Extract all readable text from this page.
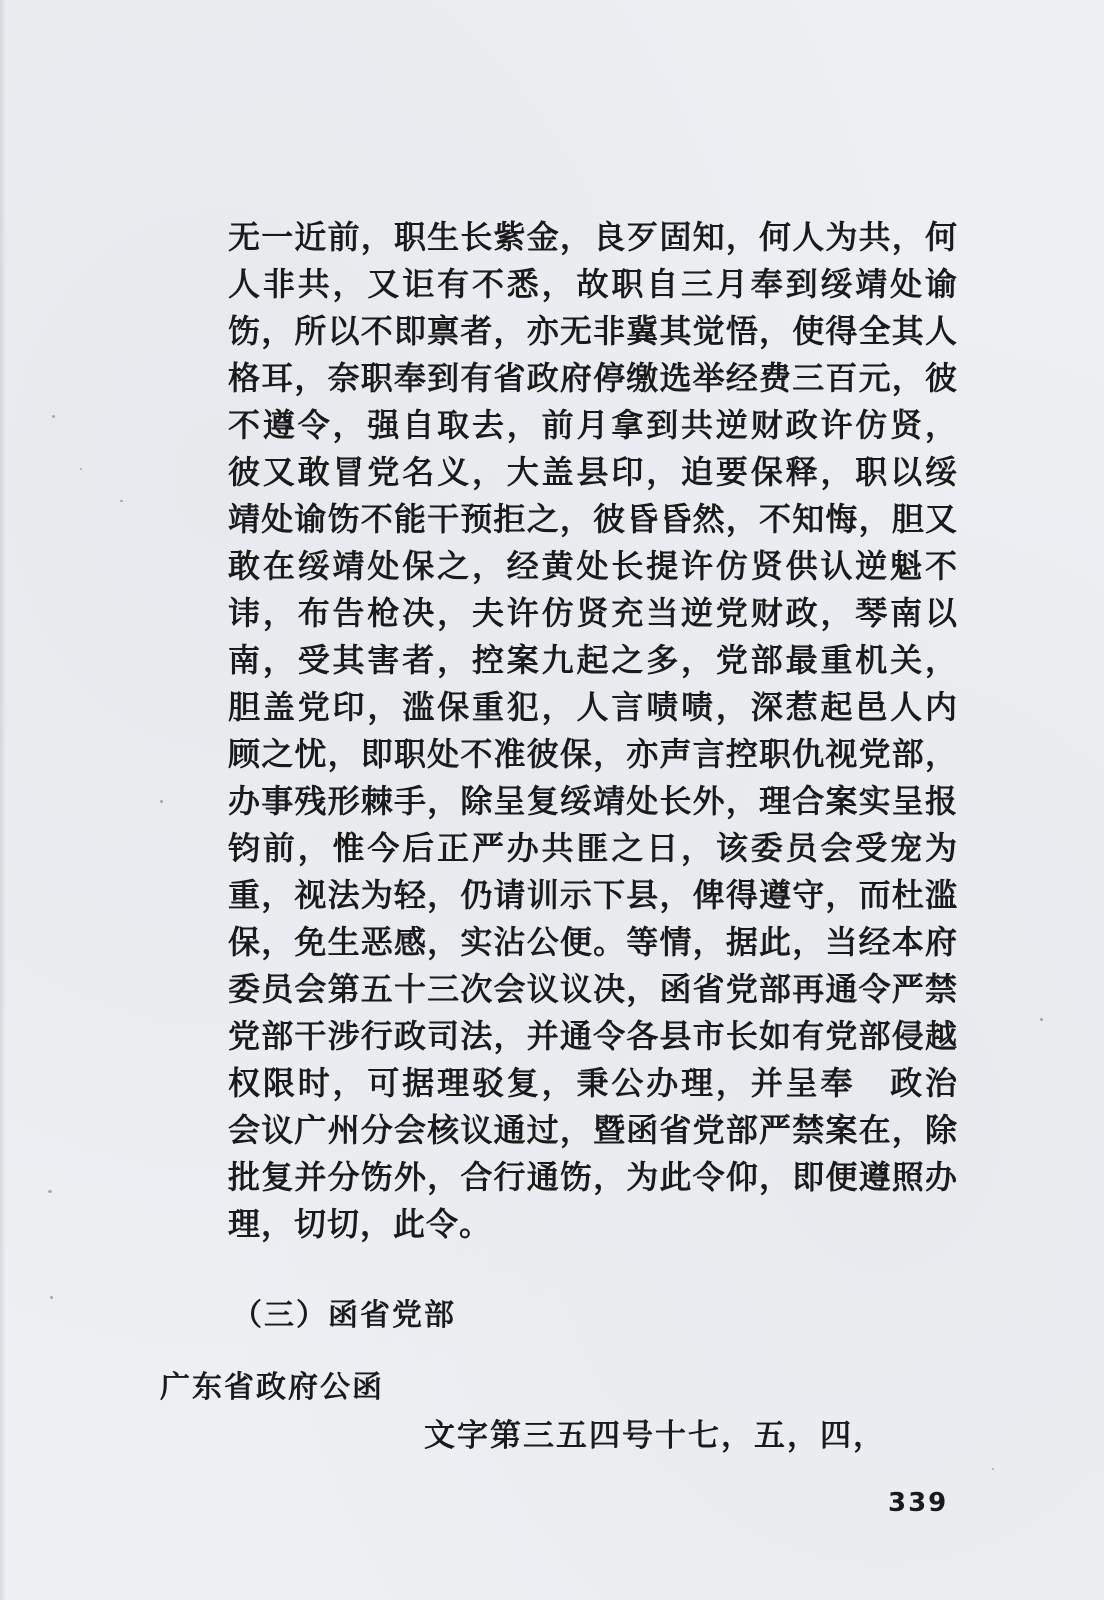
无一近前，职生长紫金，良歹固知，何人为共，何
人非共，又讵有不悉，故职自三月奉到绥靖处谕
饬，所以不即禀者，亦无非冀其觉悟，使得全其人
格耳，奈职奉到有省政府停缴选举经费三百元，彼
不遵令，强自取去，前月拿到共逆财政许仿贤，
彼又敢冒党名义，大盖县印，迫要保释，职以绥
靖处谕饬不能干预拒之，彼昏昏然，不知悔，胆又
敢在绥靖处保之，经黄处长提许仿贤供认逆魁不
讳，布告枪决，夫许仿贤充当逆党财政，琴南以
南，受其害者，控案九起之多，党部最重机关，
胆盖党印，滥保重犯，人言啧啧，深惹起邑人内
顾之忧，即职处不准彼保，亦声言控职仇视党部，
办事残形棘手，除呈复绥靖处长外，理合案实呈报
钧前，惟今后正严办共匪之日，该委员会受宠为
重，视法为轻，仍请训示下县，俾得遵守，而杜滥
保，免生恶感，实沾公便。等情，据此，当经本府
委员会第五十三次会议议决，函省党部再通令严禁
党部干涉行政司法，并通令各县市长如有党部侵越
权限时，可据理驳复，秉公办理，并呈奉　政治
会议广州分会核议通过，暨函省党部严禁案在，除
批复并分饬外，合行通饬，为此令仰，即便遵照办
理，切切，此令。
（三）函省党部
广东省政府公函
文字第三五四号十七，五，四，
339
